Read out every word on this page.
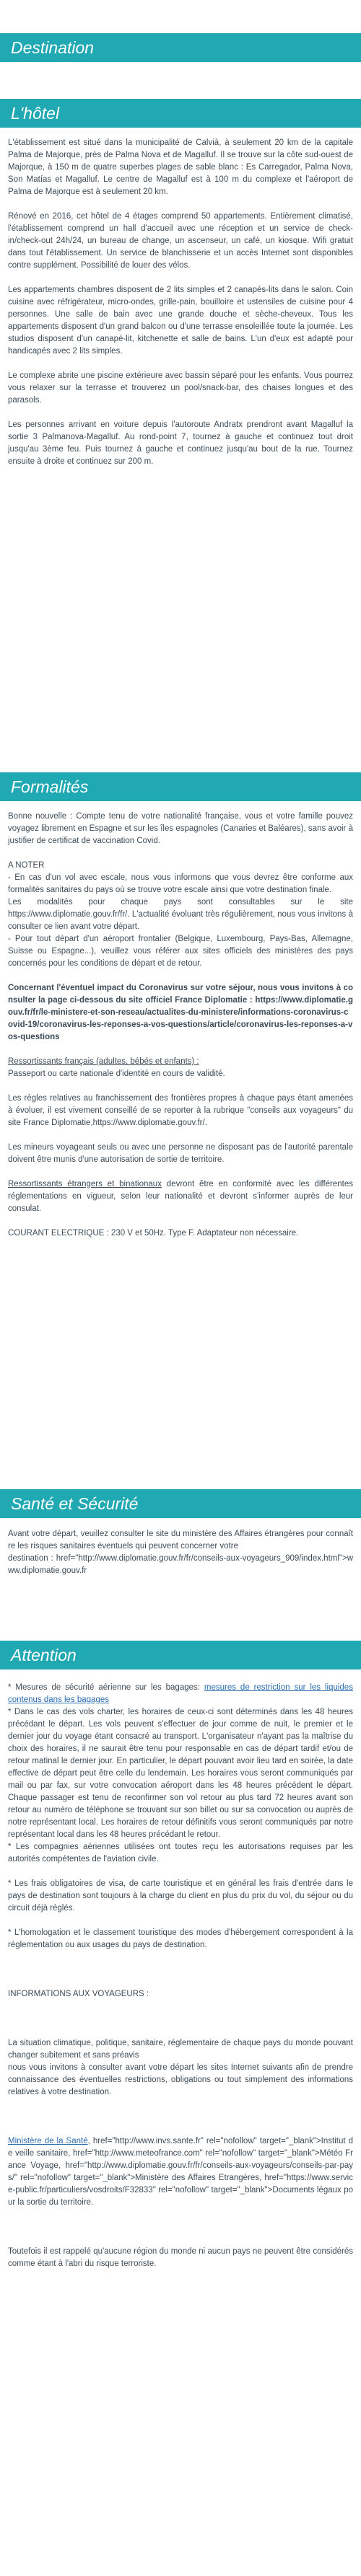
Destination
L'hôtel

L'établissement est situé dans la municipalité de Calvià, à seulement 20 km de la capitale Palma de Majorque, près de Palma Nova et de Magalluf. Il se trouve sur la côte sud-ouest de Majorque, à 150 m de quatre superbes plages de sable blanc : Es Carregador, Palma Nova, Son Matías et Magalluf. Le centre de Magalluf est à 100 m du complexe et l'aéroport de Palma de Majorque est à seulement 20 km.

Rénové en 2016, cet hôtel de 4 étages comprend 50 appartements. Entièrement climatisé, l'établissement comprend un hall d'accueil avec une réception et un service de check-in/check-out 24h/24, un bureau de change, un ascenseur, un café, un kiosque. Wifi gratuit dans tout l'établissement. Un service de blanchisserie et un accès Internet sont disponibles contre supplément. Possibilité de louer des vélos.

Les appartements chambres disposent de 2 lits simples et 2 canapés-lits dans le salon. Coin cuisine avec réfrigérateur, micro-ondes, grille-pain, bouilloire et ustensiles de cuisine pour 4 personnes. Une salle de bain avec une grande douche et sèche-cheveux. Tous les appartements disposent d'un grand balcon ou d'une terrasse ensoleillée toute la journée. Les studios disposent d'un canapé-lit, kitchenette et salle de bains. L'un d'eux est adapté pour handicapés avec 2 lits simples.

Le complexe abrite une piscine extérieure avec bassin séparé pour les enfants. Vous pourrez vous relaxer sur la terrasse et trouverez un pool/snack-bar, des chaises longues et des parasols.

Les personnes arrivant en voiture depuis l'autoroute Andratx prendront avant Magalluf la sortie 3 Palmanova-Magalluf. Au rond-point 7, tournez à gauche et continuez tout droit jusqu'au 3ème feu. Puis tournez à gauche et continuez jusqu'au bout de la rue. Tournez ensuite à droite et continuez sur 200 m.

Formalités

Bonne nouvelle : Compte tenu de votre nationalité française, vous et votre famille pouvez voyagez librement en Espagne et sur les îles espagnoles (Canaries et Baléares), sans avoir à justifier de certificat de vaccination Covid.

A NOTER

- En cas d'un vol avec escale, nous vous informons que vous devrez être conforme aux formalités sanitaires du pays où se trouve votre escale ainsi que votre destination finale.
Les modalités pour chaque pays sont consultables sur le site https://www.diplomatie.gouv.fr/fr/. L'actualité évoluant très régulièrement, nous vous invitons à consulter ce lien avant votre départ.
- Pour tout départ d'un aéroport frontalier (Belgique, Luxembourg, Pays-Bas, Allemagne, Suisse ou Espagne...), veuillez vous référer aux sites officiels des ministères des pays concernés pour les conditions de départ et de retour.

Concernant l'éventuel impact du Coronavirus sur votre séjour, nous vous invitons à consulter la page ci-dessous du site officiel France Diplomatie : https://www.diplomatie.gouv.fr/fr/le-ministere-et-son-reseau/actualites-du-ministere/informations-coronavirus-covid-19/coronavirus-les-reponses-a-vos-questions/article/coronavirus-les-reponses-a-vos-questions

Ressortissants français (adultes, bébés et enfants) :

Passeport ou carte nationale d'identité en cours de validité.

Les règles relatives au franchissement des frontières propres à chaque pays étant amenées à évoluer, il est vivement conseillé de se reporter à la rubrique "conseils aux voyageurs" du site France Diplomatie,https://www.diplomatie.gouv.fr/.

Les mineurs voyageant seuls ou avec une personne ne disposant pas de l'autorité parentale doivent être munis d'une autorisation de sortie de territoire.

Ressortissants étrangers et binationaux devront être en conformité avec les différentes réglementations en vigueur, selon leur nationalité et devront s'informer auprès de leur consulat.

COURANT ELECTRIQUE : 230 V et 50Hz. Type F. Adaptateur non nécessaire.

Santé et Sécurité

Avant votre départ, veuillez consulter le site du ministère des Affaires étrangères pour connaître les risques sanitaires éventuels qui peuvent concerner votre
destination : href="http://www.diplomatie.gouv.fr/fr/conseils-aux-voyageurs_909/index.html">www.diplomatie.gouv.fr

Attention

* Mesures de sécurité aérienne sur les bagages: mesures de restriction sur les liquides contenus dans les bagages

* Dans le cas des vols charter, les horaires de ceux-ci sont déterminés dans les 48 heures précédant le départ. Les vols peuvent s'effectuer de jour comme de nuit, le premier et le dernier jour du voyage étant consacré au transport. L'organisateur n'ayant pas la maîtrise du choix des horaires, il ne saurait être tenu pour responsable en cas de départ tardif et/ou de retour matinal le dernier jour. En particulier, le départ pouvant avoir lieu tard en soirée, la date effective de départ peut être celle du lendemain. Les horaires vous seront communiqués par mail ou par fax, sur votre convocation aéroport dans les 48 heures précédent le départ. Chaque passager est tenu de reconfirmer son vol retour au plus tard 72 heures avant son retour au numéro de téléphone se trouvant sur son billet ou sur sa convocation ou auprès de notre représentant local. Les horaires de retour définitifs vous seront communiqués par notre représentant local dans les 48 heures précédant le retour.
* Les compagnies aériennes utilisées ont toutes reçu les autorisations requises par les autorités compétentes de l'aviation civile.

* Les frais obligatoires de visa, de carte touristique et en général les frais d'entrée dans le pays de destination sont toujours à la charge du client en plus du prix du vol, du séjour ou du circuit déjà réglés.

* L'homologation et le classement touristique des modes d'hébergement correspondent à la réglementation ou aux usages du pays de destination.

INFORMATIONS AUX VOYAGEURS :

La situation climatique, politique, sanitaire, réglementaire de chaque pays du monde pouvant changer subitement et sans préavis
nous vous invitons à consulter avant votre départ les sites Internet suivants afin de prendre connaissance des éventuelles restrictions, obligations ou tout simplement des informations relatives à votre destination.

Ministère de la Santé, href="http://www.invs.sante.fr" rel="nofollow" target="_blank">Institut de veille sanitaire, href="http://www.meteofrance.com" rel="nofollow" target="_blank">Météo France Voyage, href="http://www.diplomatie.gouv.fr/fr/conseils-aux-voyageurs/conseils-par-pays/" rel="nofollow" target="_blank">Ministère des Affaires Etrangères, href="https://www.service-public.fr/particuliers/vosdroits/F32833" rel="nofollow" target="_blank">Documents légaux pour la sortie du territoire.

Toutefois il est rappelé qu'aucune région du monde ni aucun pays ne peuvent être considérés comme étant à l'abri du risque terroriste.
